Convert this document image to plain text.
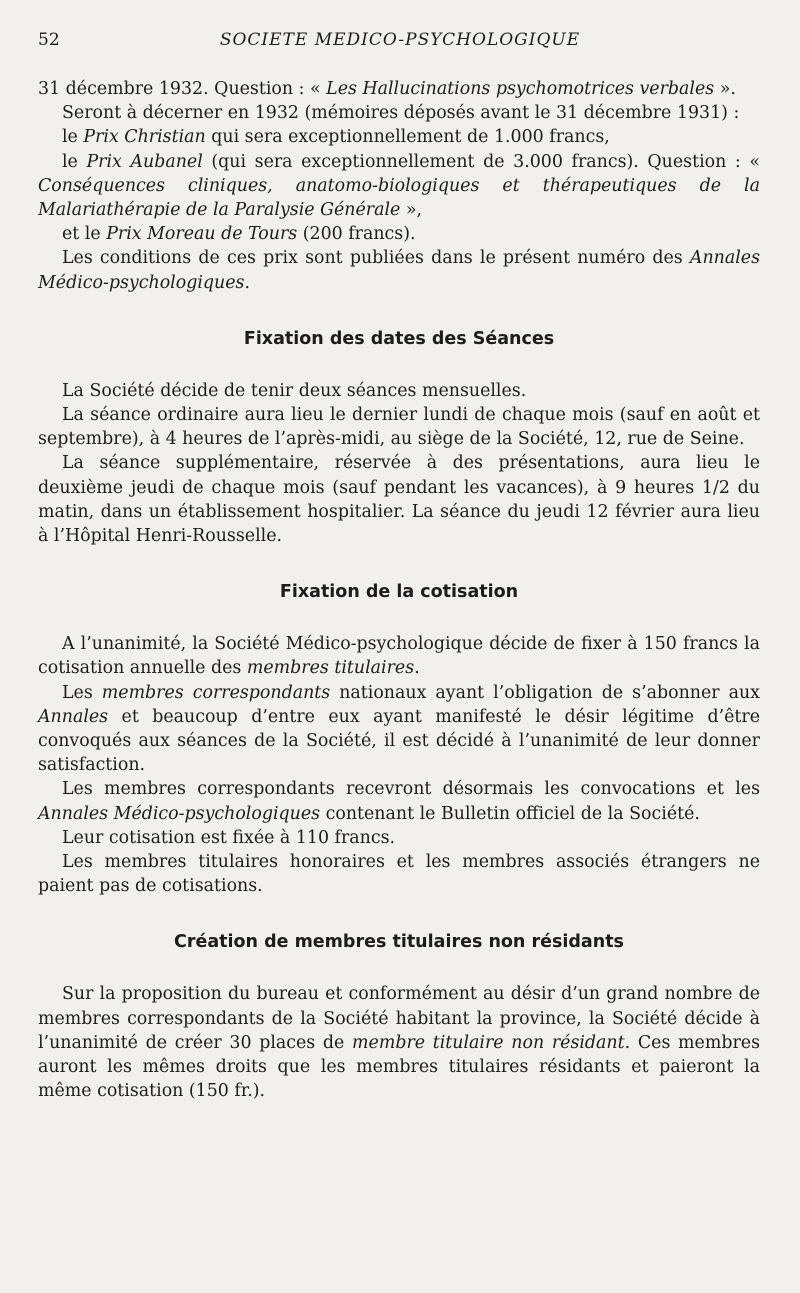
52	SOCIETE MEDICO-PSYCHOLOGIQUE

31 décembre 1932. Question : « Les Hallucinations psychomotrices verbales ».

Seront à décerner en 1932 (mémoires déposés avant le 31 décembre 1931) :

le Prix Christian qui sera exceptionnellement de 1.000 francs,

le Prix Aubanel (qui sera exceptionnellement de 3.000 francs). Question : « Conséquences cliniques, anatomo-biologiques et thérapeutiques de la Malariathérapie de la Paralysie Générale »,

et le Prix Moreau de Tours (200 francs).

Les conditions de ces prix sont publiées dans le présent numéro des Annales Médico-psychologiques.

Fixation des dates des Séances

La Société décide de tenir deux séances mensuelles.

La séance ordinaire aura lieu le dernier lundi de chaque mois (sauf en août et septembre), à 4 heures de l’après-midi, au siège de la Société, 12, rue de Seine.

La séance supplémentaire, réservée à des présentations, aura lieu le deuxième jeudi de chaque mois (sauf pendant les vacances), à 9 heures 1/2 du matin, dans un établissement hospitalier. La séance du jeudi 12 février aura lieu à l’Hôpital Henri-Rousselle.

Fixation de la cotisation

A l’unanimité, la Société Médico-psychologique décide de fixer à 150 francs la cotisation annuelle des membres titulaires.

Les membres correspondants nationaux ayant l’obligation de s’abonner aux Annales et beaucoup d’entre eux ayant manifesté le désir légitime d’être convoqués aux séances de la Société, il est décidé à l’unanimité de leur donner satisfaction.

Les membres correspondants recevront désormais les convocations et les Annales Médico-psychologiques contenant le Bulletin officiel de la Société.

Leur cotisation est fixée à 110 francs.

Les membres titulaires honoraires et les membres associés étrangers ne paient pas de cotisations.

Création de membres titulaires non résidants

Sur la proposition du bureau et conformément au désir d’un grand nombre de membres correspondants de la Société habitant la province, la Société décide à l’unanimité de créer 30 places de membre titulaire non résidant. Ces membres auront les mêmes droits que les membres titulaires résidants et paieront la même cotisation (150 fr.).
